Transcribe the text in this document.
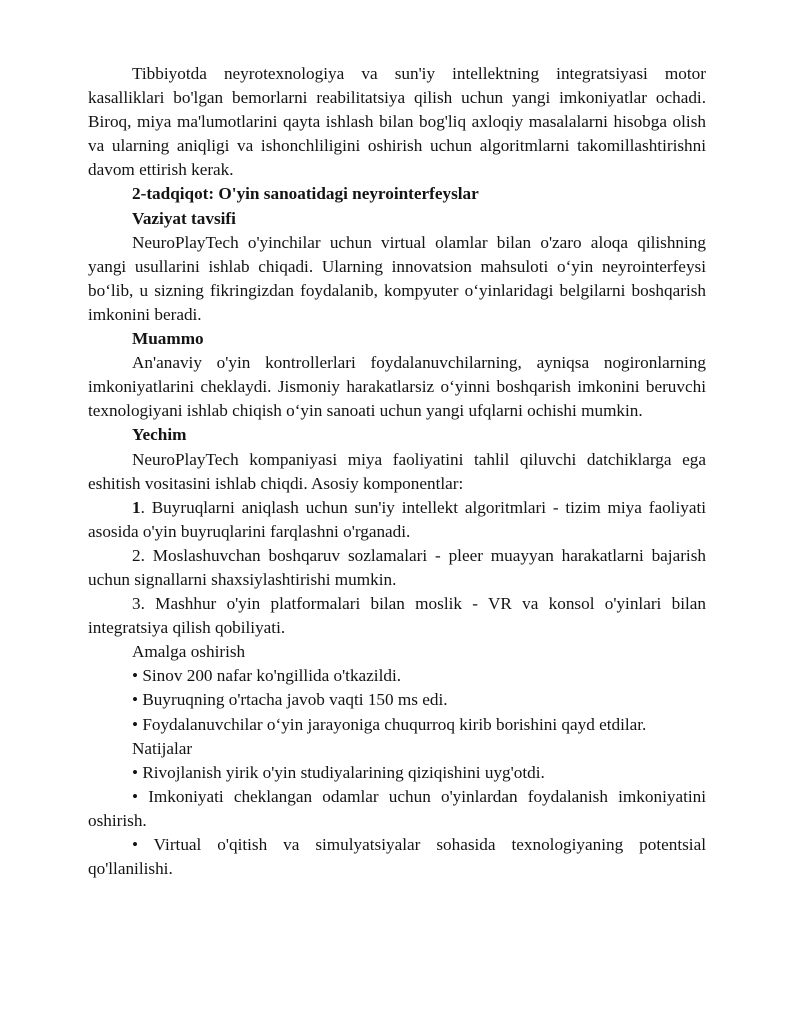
Tibbiyotda neyrotexnologiya va sun'iy intellektning integratsiyasi motor kasalliklari bo'lgan bemorlarni reabilitatsiya qilish uchun yangi imkoniyatlar ochadi. Biroq, miya ma'lumotlarini qayta ishlash bilan bog'liq axloqiy masalalarni hisobga olish va ularning aniqligi va ishonchliligini oshirish uchun algoritmlarni takomillashtirishni davom ettirish kerak.

2-tadqiqot: O'yin sanoatidagi neyrointerfeyslar

Vaziyat tavsifi

NeuroPlayTech o'yinchilar uchun virtual olamlar bilan o'zaro aloqa qilishning yangi usullarini ishlab chiqadi. Ularning innovatsion mahsuloti o‘yin neyrointerfeysi bo‘lib, u sizning fikringizdan foydalanib, kompyuter o‘yinlaridagi belgilarni boshqarish imkonini beradi.

Muammo

An'anaviy o'yin kontrollerlari foydalanuvchilarning, ayniqsa nogironlarning imkoniyatlarini cheklaydi. Jismoniy harakatlarsiz o‘yinni boshqarish imkonini beruvchi texnologiyani ishlab chiqish o‘yin sanoati uchun yangi ufqlarni ochishi mumkin.

Yechim

NeuroPlayTech kompaniyasi miya faoliyatini tahlil qiluvchi datchiklarga ega eshitish vositasini ishlab chiqdi. Asosiy komponentlar:

1. Buyruqlarni aniqlash uchun sun'iy intellekt algoritmlari - tizim miya faoliyati asosida o'yin buyruqlarini farqlashni o'rganadi.

2. Moslashuvchan boshqaruv sozlamalari - pleer muayyan harakatlarni bajarish uchun signallarni shaxsiylashtirishi mumkin.

3. Mashhur o'yin platformalari bilan moslik - VR va konsol o'yinlari bilan integratsiya qilish qobiliyati.

Amalga oshirish

• Sinov 200 nafar ko'ngillida o'tkazildi.

• Buyruqning o'rtacha javob vaqti 150 ms edi.

• Foydalanuvchilar o‘yin jarayoniga chuqurroq kirib borishini qayd etdilar.

Natijalar

• Rivojlanish yirik o'yin studiyalarining qiziqishini uyg'otdi.

• Imkoniyati cheklangan odamlar uchun o'yinlardan foydalanish imkoniyatini oshirish.

• Virtual o'qitish va simulyatsiyalar sohasida texnologiyaning potentsial qo'llanilishi.
